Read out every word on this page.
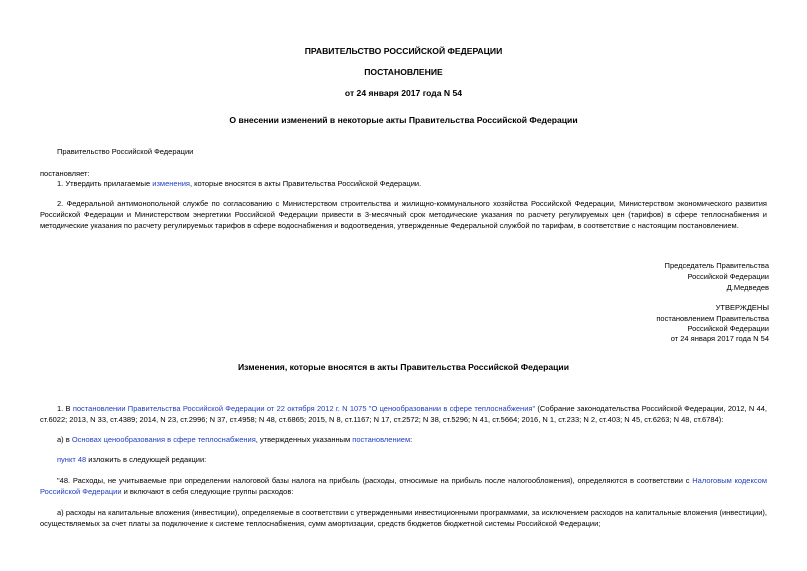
ПРАВИТЕЛЬСТВО РОССИЙСКОЙ ФЕДЕРАЦИИ
ПОСТАНОВЛЕНИЕ
от 24 января 2017 года N 54
О внесении изменений в некоторые акты Правительства Российской Федерации
Правительство Российской Федерации
постановляет:
1. Утвердить прилагаемые изменения, которые вносятся в акты Правительства Российской Федерации.
2. Федеральной антимонопольной службе по согласованию с Министерством строительства и жилищно-коммунального хозяйства Российской Федерации, Министерством экономического развития Российской Федерации и Министерством энергетики Российской Федерации привести в 3-месячный срок методические указания по расчету регулируемых цен (тарифов) в сфере теплоснабжения и методические указания по расчету регулируемых тарифов в сфере водоснабжения и водоотведения, утвержденные Федеральной службой по тарифам, в соответствие с настоящим постановлением.
Председатель Правительства
Российской Федерации
Д.Медведев
УТВЕРЖДЕНЫ
постановлением Правительства
Российской Федерации
от 24 января 2017 года N 54
Изменения, которые вносятся в акты Правительства Российской Федерации
1. В постановлении Правительства Российской Федерации от 22 октября 2012 г. N 1075 "О ценообразовании в сфере теплоснабжения" (Собрание законодательства Российской Федерации, 2012, N 44, ст.6022; 2013, N 33, ст.4389; 2014, N 23, ст.2996; N 37, ст.4958; N 48, ст.6865; 2015, N 8, ст.1167; N 17, ст.2572; N 38, ст.5296; N 41, ст.5664; 2016, N 1, ст.233; N 2, ст.403; N 45, ст.6263; N 48, ст.6784):
а) в Основах ценообразования в сфере теплоснабжения, утвержденных указанным постановлением:
пункт 48 изложить в следующей редакции:
"48. Расходы, не учитываемые при определении налоговой базы налога на прибыль (расходы, относимые на прибыль после налогообложения), определяются в соответствии с Налоговым кодексом Российской Федерации и включают в себя следующие группы расходов:
а) расходы на капитальные вложения (инвестиции), определяемые в соответствии с утвержденными инвестиционными программами, за исключением расходов на капитальные вложения (инвестиции), осуществляемых за счет платы за подключение к системе теплоснабжения, сумм амортизации, средств бюджетов бюджетной системы Российской Федерации;
